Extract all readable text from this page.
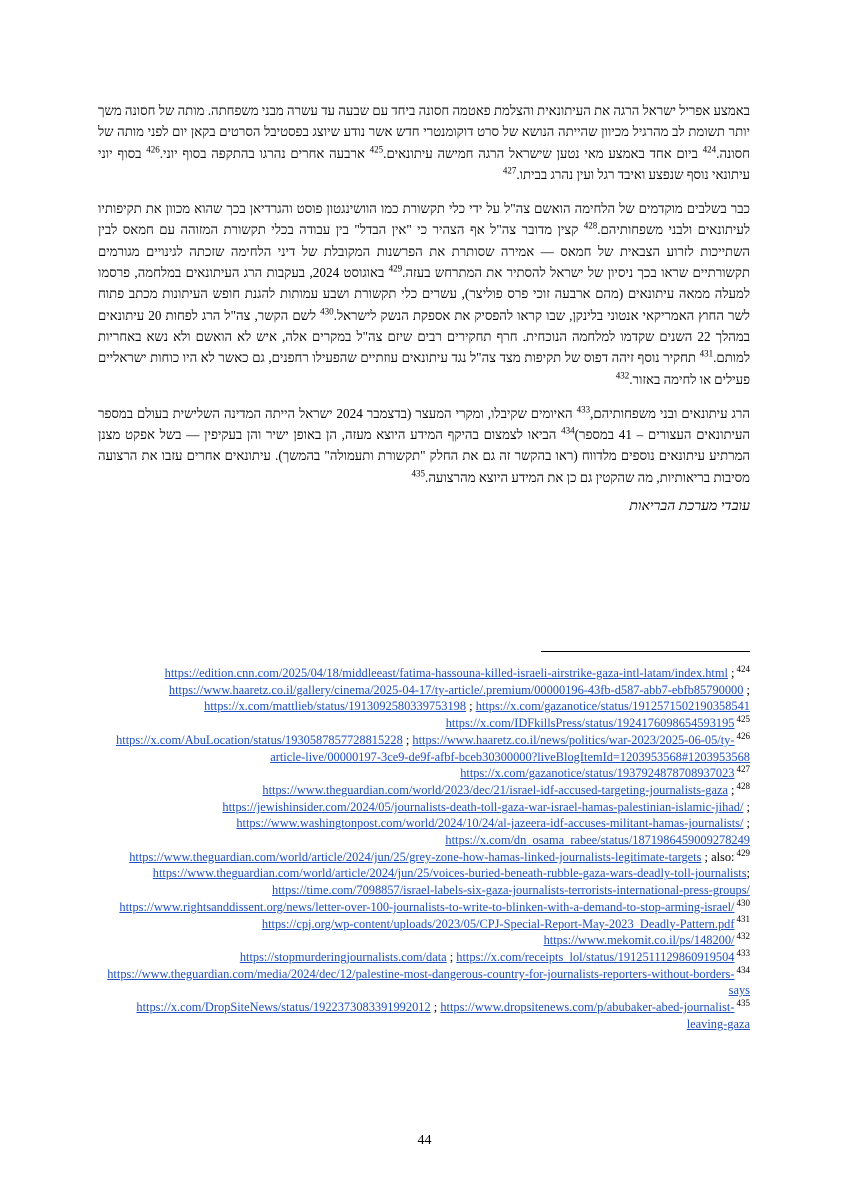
באמצע אפריל ישראל הרגה את העיתונאית והצלמת פאטמה חסונה ביחד עם שבעה עד עשרה מבני משפחתה. מותה של חסונה משך יותר תשומת לב מהרגיל מכיוון שהייתה הנושא של סרט דוקומנטרי חדש אשר נודע שיוצג בפסטיבל הסרטים בקאן יום לפני מותה של חסונה.$^{424}$ ביום אחד באמצע מאי נטען שישראל הרגה חמישה עיתונאים.$^{425}$ ארבעה אחרים נהרגו בהתקפה בסוף יוני.$^{426}$ בסוף יוני עיתונאי נוסף שנפצע ואיבד רגל ועין נהרג בביתו.$^{427}$

כבר בשלבים מוקדמים של הלחימה הואשם צה"ל על ידי כלי תקשורת כמו הוושינגטון פוסט והגרדיאן בכך שהוא מכוון את תקיפותיו לעיתונאים ולבני משפחותיהם.$^{428}$ קצין מדובר צה"ל אף הצהיר כי "אין הבדל" בין עבודה בכלי תקשורת המזוהה עם חמאס לבין השתייכות לזרוע הצבאית של חמאס — אמירה שסותרת את הפרשנות המקובלת של דיני הלחימה שזכתה לגינויים מגורמים תקשורתיים שראו בכך ניסיון של ישראל להסתיר את המתרחש בעזה.$^{429}$ באוגוסט 2024, בעקבות הרג העיתונאים במלחמה, פרסמו למעלה ממאה עיתונאים (מהם ארבעה זוכי פרס פוליצר), עשרים כלי תקשורת ושבע עמותות להגנת חופש העיתונות מכתב פתוח לשר החוץ האמריקאי אנטוני בלינקן, שבו קראו להפסיק את אספקת הנשק לישראל.$^{430}$ לשם הקשר, צה"ל הרג לפחות 20 עיתונאים במהלך 22 השנים שקדמו למלחמה הנוכחית. חרף תחקירים רבים שיזם צה"ל במקרים אלה, איש לא הואשם ולא נשא באחריות למותם.$^{431}$ תחקיר נוסף זיהה דפוס של תקיפות מצד צה"ל נגד עיתונאים עוזתיים שהפעילו רחפנים, גם כאשר לא היו כוחות ישראליים פעילים או לחימה באזור.$^{432}$

הרג עיתונאים ובני משפחותיהם,$^{433}$ האיומים שקיבלו, ומקרי המעצר (בדצמבר 2024 ישראל הייתה המדינה השלישית בעולם במספר העיתונאים העצורים – 41 במספר)$^{434}$ הביאו לצמצום בהיקף המידע היוצא מעזה, הן באופן ישיר והן בעקיפין — בשל אפקט מצנן המרתיע עיתונאים נוספים מלדווח (ראו בהקשר זה גם את החלק "תקשורת ותעמולה" בהמשך). עיתונאים אחרים עזבו את הרצועה מסיבות בריאותיות, מה שהקטין גם כן את המידע היוצא מהרצועה.$^{435}$

עובדי מערכת הבריאות
$^{424}$https://edition.cnn.com/2025/04/18/middleeast/fatima-hassouna-killed-israeli-airstrike-gaza-intl-latam/index.html ; https://www.haaretz.co.il/gallery/cinema/2025-04-17/ty-article/.premium/00000196-43fb-d587-abb7-ebfb85790000 ; https://x.com/mattlieb/status/1913092580339753198 ; https://x.com/gazanotice/status/1912571502190358541
$^{425}$https://x.com/IDFkillsPress/status/1924176098654593195
$^{426}$https://x.com/AbuLocation/status/1930587857728815228 ; https://www.haaretz.co.il/news/politics/war-2023/2025-06-05/ty-article-live/00000197-3ce9-de9f-afbf-bceb30300000?liveBlogItemId=1203953568#1203953568
$^{427}$https://x.com/gazanotice/status/1937924878708937023
$^{428}$https://www.theguardian.com/world/2023/dec/21/israel-idf-accused-targeting-journalists-gaza ; https://jewishinsider.com/2024/05/journalists-death-toll-gaza-war-israel-hamas-palestinian-islamic-jihad/ ; https://www.washingtonpost.com/world/2024/10/24/al-jazeera-idf-accuses-militant-hamas-journalists/ ; https://x.com/dn_osama_rabee/status/1871986459009278249
$^{429}$https://www.theguardian.com/world/article/2024/jun/25/grey-zone-how-hamas-linked-journalists-legitimate-targets ; also: https://www.theguardian.com/world/article/2024/jun/25/voices-buried-beneath-rubble-gaza-wars-deadly-toll-journalists; https://time.com/7098857/israel-labels-six-gaza-journalists-terrorists-international-press-groups/
$^{430}$https://www.rightsanddissent.org/news/letter-over-100-journalists-to-write-to-blinken-with-a-demand-to-stop-arming-israel/
$^{431}$https://cpj.org/wp-content/uploads/2023/05/CPJ-Special-Report-May-2023_Deadly-Pattern.pdf
$^{432}$https://www.mekomit.co.il/ps/148200/
$^{433}$https://stopmurderingjournalists.com/data ; https://x.com/receipts_lol/status/1912511129860919504
$^{434}$https://www.theguardian.com/media/2024/dec/12/palestine-most-dangerous-country-for-journalists-reporters-without-borders-says
$^{435}$https://x.com/DropSiteNews/status/1922373083391992012 ; https://www.dropsitenews.com/p/abubaker-abed-journalist-leaving-gaza
44
